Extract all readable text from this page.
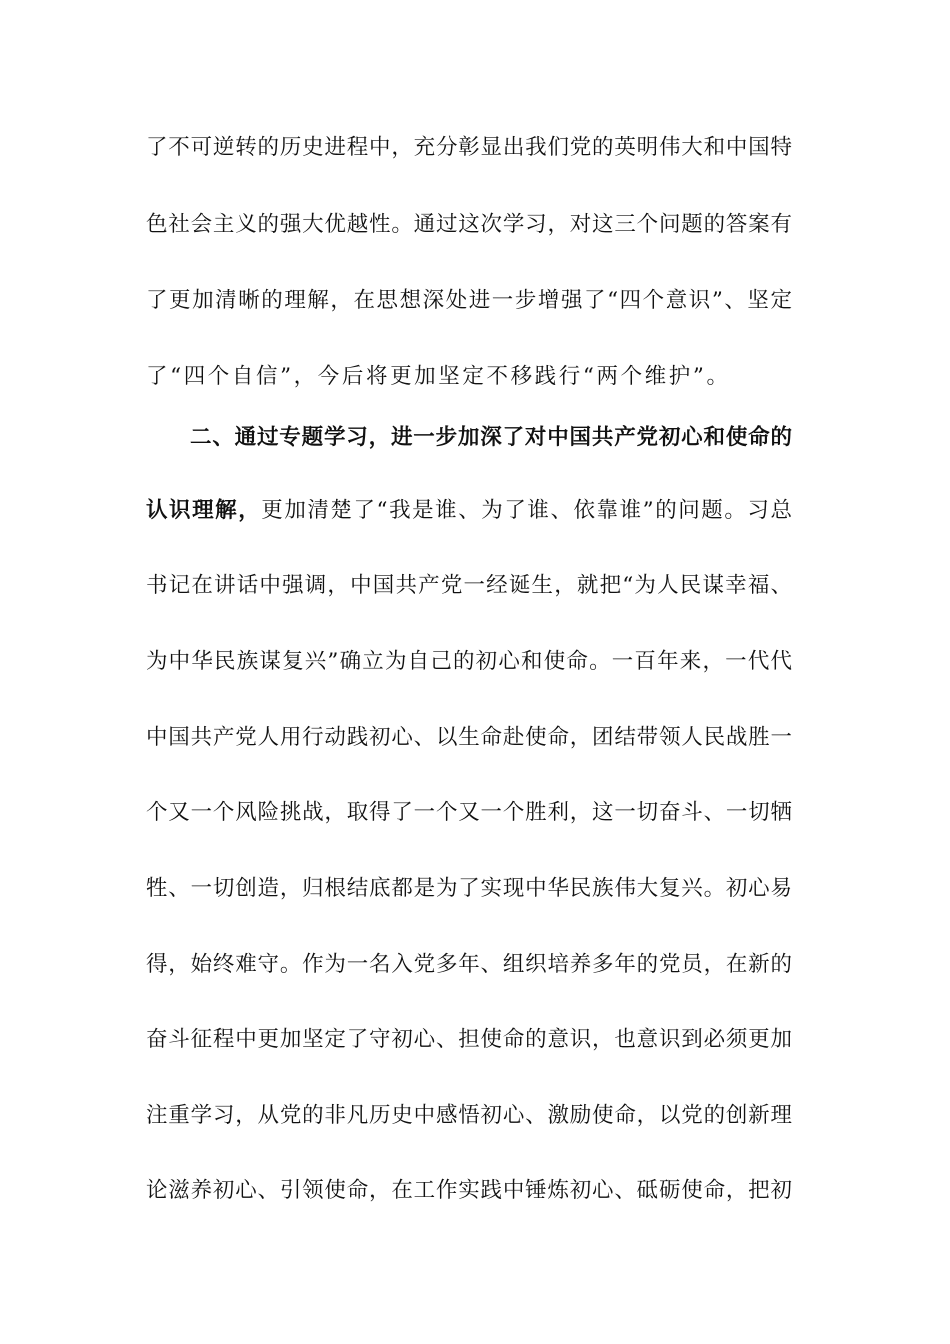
了不可逆转的历史进程中，充分彰显出我们党的英明伟大和中国特

色社会主义的强大优越性。通过这次学习，对这三个问题的答案有

了更加清晰的理解，在思想深处进一步增强了“四个意识”、坚定

了“四个自信”，今后将更加坚定不移践行“两个维护”。

二、通过专题学习，进一步加深了对中国共产党初心和使命的

认识理解，更加清楚了“我是谁、为了谁、依靠谁”的问题。习总

书记在讲话中强调，中国共产党一经诞生，就把“为人民谋幸福、

为中华民族谋复兴”确立为自己的初心和使命。一百年来，一代代

中国共产党人用行动践初心、以生命赴使命，团结带领人民战胜一

个又一个风险挑战，取得了一个又一个胜利，这一切奋斗、一切牺

牲、一切创造，归根结底都是为了实现中华民族伟大复兴。初心易

得，始终难守。作为一名入党多年、组织培养多年的党员，在新的

奋斗征程中更加坚定了守初心、担使命的意识，也意识到必须更加

注重学习，从党的非凡历史中感悟初心、激励使命，以党的创新理

论滋养初心、引领使命，在工作实践中锤炼初心、砥砺使命，把初
